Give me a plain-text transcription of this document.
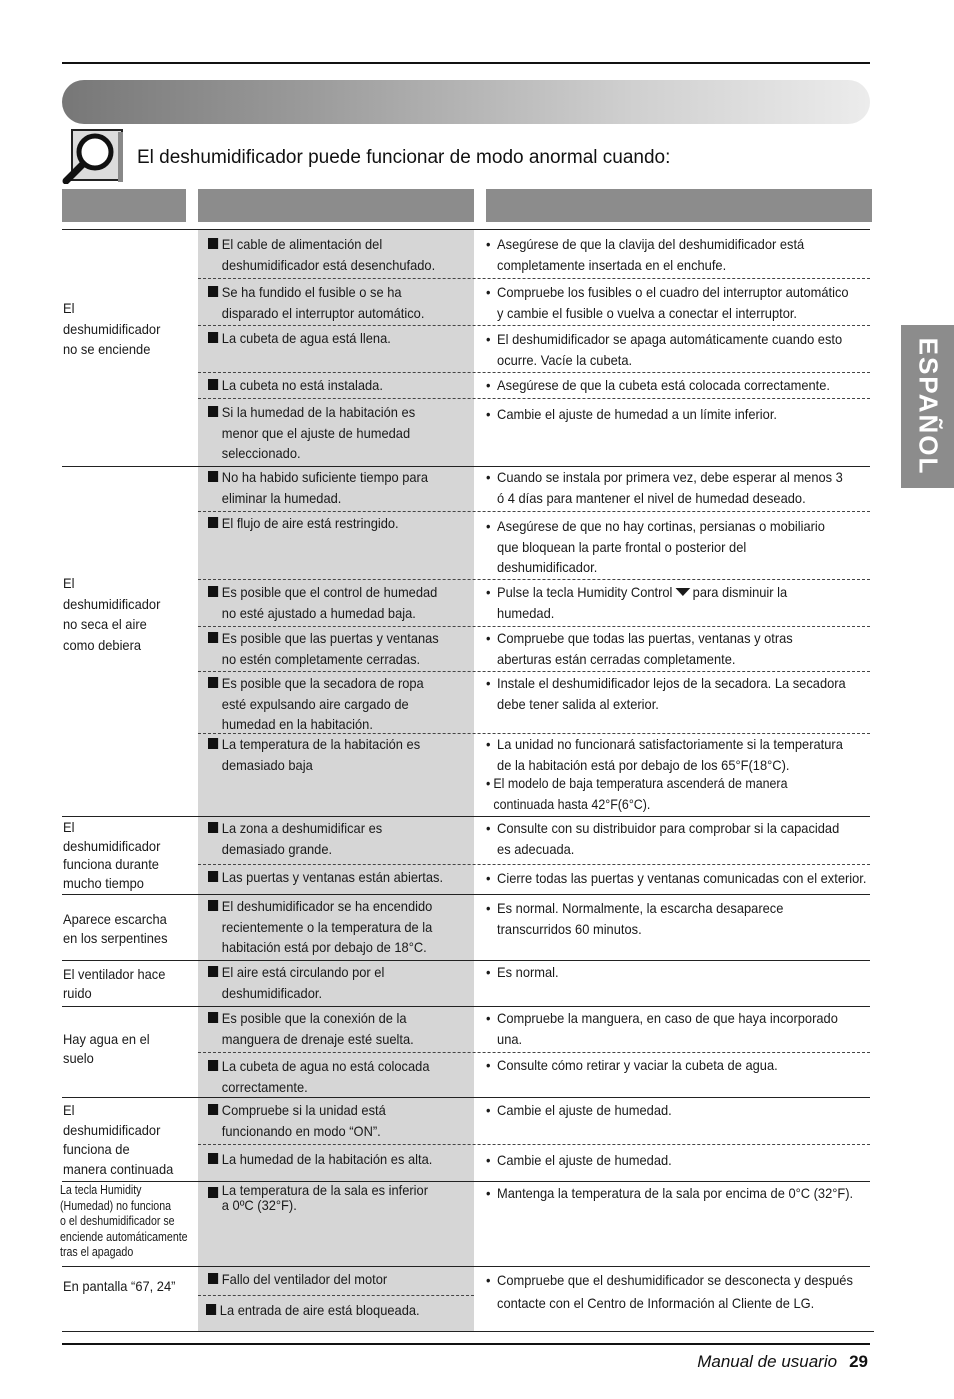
El deshumidificador puede funcionar de modo anormal cuando:
ESPAÑOL
El
deshumidificador
no se enciende
El
deshumidificador
no seca el aire
como debiera
El
deshumidificador
funciona durante
mucho tiempo
Aparece escarcha
en los serpentines
El ventilador hace
ruido
Hay agua en el
suelo
El
deshumidificador
funciona de
manera continuada
La tecla Humidity
(Humedad) no funciona
o el deshumidificador se
enciende automáticamente
tras el apagado
En pantalla “67, 24”
El cable de alimentación del
deshumidificador está desenchufado.
Se ha fundido el fusible o se ha
disparado el interruptor automático.
La cubeta de agua está llena.
La cubeta no está instalada.
Si la humedad de la habitación es
menor que el ajuste de humedad
seleccionado.
No ha habido suficiente tiempo para
eliminar la humedad.
El flujo de aire está restringido.
Es posible que el control de humedad
no esté ajustado a humedad baja.
Es posible que las puertas y ventanas
no estén completamente cerradas.
Es posible que la secadora de ropa
esté expulsando aire cargado de
humedad en la habitación.
La temperatura de la habitación es
demasiado baja
La zona a deshumidificar es
demasiado grande.
Las puertas y ventanas están abiertas.
El deshumidificador se ha encendido
recientemente o la temperatura de la
habitación está por debajo de 18°C.
El aire está circulando por el
deshumidificador.
Es posible que la conexión de la
manguera de drenaje esté suelta.
La cubeta de agua no está colocada
correctamente.
Compruebe si la unidad está
funcionando en modo “ON”.
La humedad de la habitación es alta.
La temperatura de la sala es inferior
a 0ºC (32°F).
Fallo del ventilador del motor
La entrada de aire está bloqueada.
• Asegúrese de que la clavija del deshumidificador está
completamente insertada en el enchufe.
• Compruebe los fusibles o el cuadro del interruptor automático
y cambie el fusible o vuelva a conectar el interruptor.
• El deshumidificador se apaga automáticamente cuando esto
ocurre. Vacíe la cubeta.
• Asegúrese de que la cubeta está colocada correctamente.
• Cambie el ajuste de humedad a un límite inferior.
• Cuando se instala por primera vez, debe esperar al menos 3
ó 4 días para mantener el nivel de humedad deseado.
• Asegúrese de que no hay cortinas, persianas o mobiliario
que bloquean la parte frontal o posterior del
deshumidificador.
• Pulse la tecla Humidity Control para disminuir la
humedad.
• Compruebe que todas las puertas, ventanas y otras
aberturas están cerradas completamente.
• Instale el deshumidificador lejos de la secadora. La secadora
debe tener salida al exterior.
• La unidad no funcionará satisfactoriamente si la temperatura
de la habitación está por debajo de los 65°F(18°C).
• El modelo de baja temperatura ascenderá de manera
continuada hasta 42°F(6°C).
• Consulte con su distribuidor para comprobar si la capacidad
es adecuada.
• Cierre todas las puertas y ventanas comunicadas con el exterior.
• Es normal. Normalmente, la escarcha desaparece
transcurridos 60 minutos.
• Es normal.
• Compruebe la manguera, en caso de que haya incorporado
una.
• Consulte cómo retirar y vaciar la cubeta de agua.
• Cambie el ajuste de humedad.
• Cambie el ajuste de humedad.
• Mantenga la temperatura de la sala por encima de 0°C (32°F).
• Compruebe que el deshumidificador se desconecta y después
contacte con el Centro de Información al Cliente de LG.
Manual de usuario 29
